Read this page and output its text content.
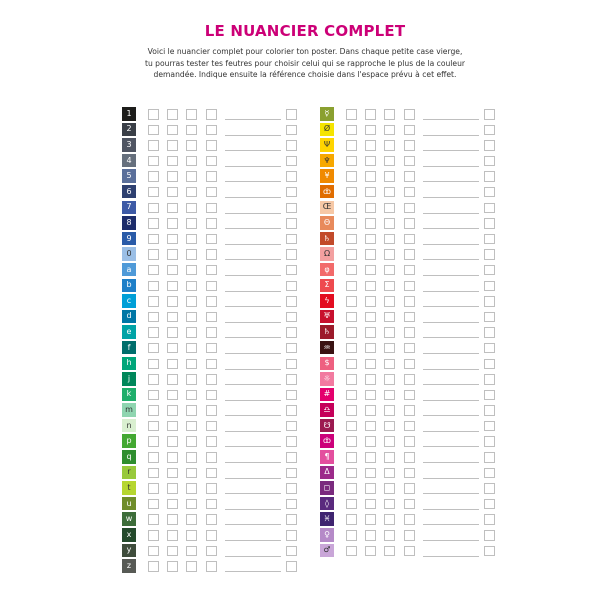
LE NUANCIER COMPLET
Voici le nuancier complet pour colorier ton poster. Dans chaque petite case vierge,
tu pourras tester tes feutres pour choisir celui qui se rapproche le plus de la couleur
demandée. Indique ensuite la référence choisie dans l'espace prévu à cet effet.
1
2
3
4
5
6
7
8
9
0
a
b
c
d
e
f
h
j
k
m
n
p
q
r
t
u
w
x
y
z
☿
Ø
Ψ
♆
¥
ȸ
Œ
Θ
♄
Ω
φ
Σ
ϟ
♅
♄
♒
$
☼
#
♎
☋
ȸ
¶
Δ
◻
◊
♓
♀
♂
